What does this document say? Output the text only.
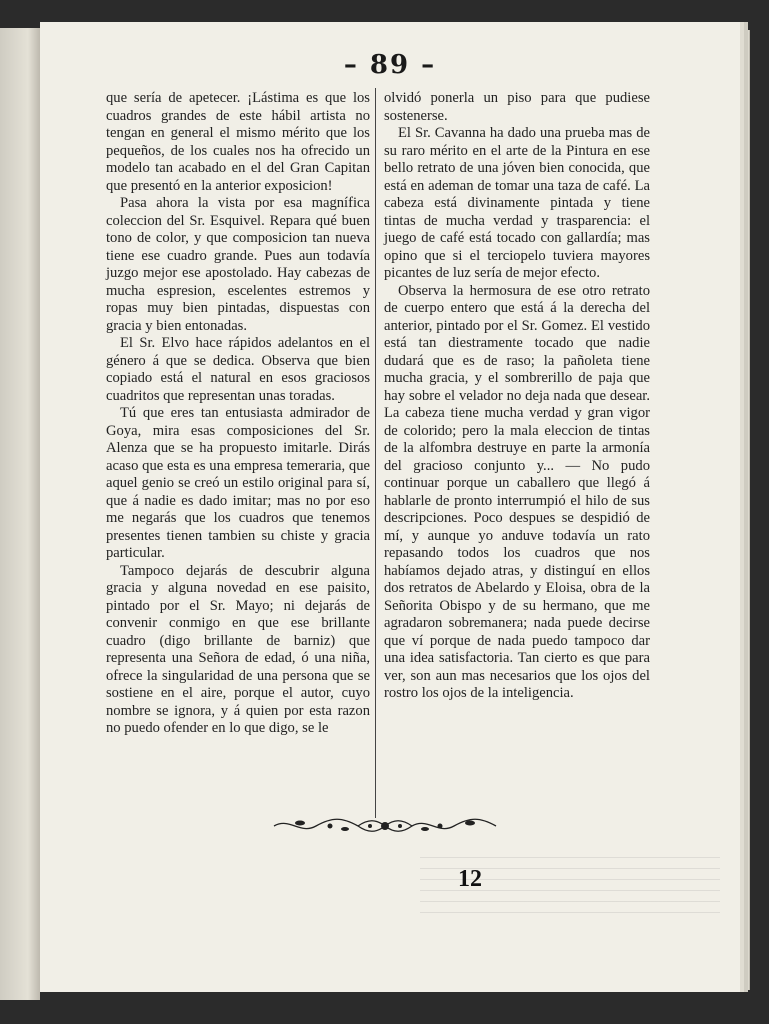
– 89 –

que sería de apetecer. ¡Lástima es que los cuadros grandes de este hábil artista no tengan en general el mismo mérito que los pequeños, de los cuales nos ha ofrecido un modelo tan acabado en el del Gran Capitan que presentó en la anterior exposicion!

Pasa ahora la vista por esa magnífica coleccion del Sr. Esquivel. Repara qué buen tono de color, y que composicion tan nueva tiene ese cuadro grande. Pues aun todavía juzgo mejor ese apostolado. Hay cabezas de mucha espresion, escelentes estremos y ropas muy bien pintadas, dispuestas con gracia y bien entonadas.

El Sr. Elvo hace rápidos adelantos en el género á que se dedica. Observa que bien copiado está el natural en esos graciosos cuadritos que representan unas toradas.

Tú que eres tan entusiasta admirador de Goya, mira esas composiciones del Sr. Alenza que se ha propuesto imitarle. Dirás acaso que esta es una empresa temeraria, que aquel genio se creó un estilo original para sí, que á nadie es dado imitar; mas no por eso me negarás que los cuadros que tenemos presentes tienen tambien su chiste y gracia particular.

Tampoco dejarás de descubrir alguna gracia y alguna novedad en ese paisito, pintado por el Sr. Mayo; ni dejarás de convenir conmigo en que ese brillante cuadro (digo brillante de barniz) que representa una Señora de edad, ó una niña, ofrece la singularidad de una persona que se sostiene en el aire, porque el autor, cuyo nombre se ignora, y á quien por esta razon no puedo ofender en lo que digo, se le

olvidó ponerla un piso para que pudiese sostenerse.

El Sr. Cavanna ha dado una prueba mas de su raro mérito en el arte de la Pintura en ese bello retrato de una jóven bien conocida, que está en ademan de tomar una taza de café. La cabeza está divinamente pintada y tiene tintas de mucha verdad y trasparencia: el juego de café está tocado con gallardía; mas opino que si el terciopelo tuviera mayores picantes de luz sería de mejor efecto.

Observa la hermosura de ese otro retrato de cuerpo entero que está á la derecha del anterior, pintado por el Sr. Gomez. El vestido está tan diestramente tocado que nadie dudará que es de raso; la pañoleta tiene mucha gracia, y el sombrerillo de paja que hay sobre el velador no deja nada que desear. La cabeza tiene mucha verdad y gran vigor de colorido; pero la mala eleccion de tintas de la alfombra destruye en parte la armonía del gracioso conjunto y... — No pudo continuar porque un caballero que llegó á hablarle de pronto interrumpió el hilo de sus descripciones. Poco despues se despidió de mí, y aunque yo anduve todavía un rato repasando todos los cuadros que nos habíamos dejado atras, y distinguí en ellos dos retratos de Abelardo y Eloisa, obra de la Señorita Obispo y de su hermano, que me agradaron sobremanera; nada puede decirse que ví porque de nada puedo tampoco dar una idea satisfactoria. Tan cierto es que para ver, son aun mas necesarios que los ojos del rostro los ojos de la inteligencia.

12
